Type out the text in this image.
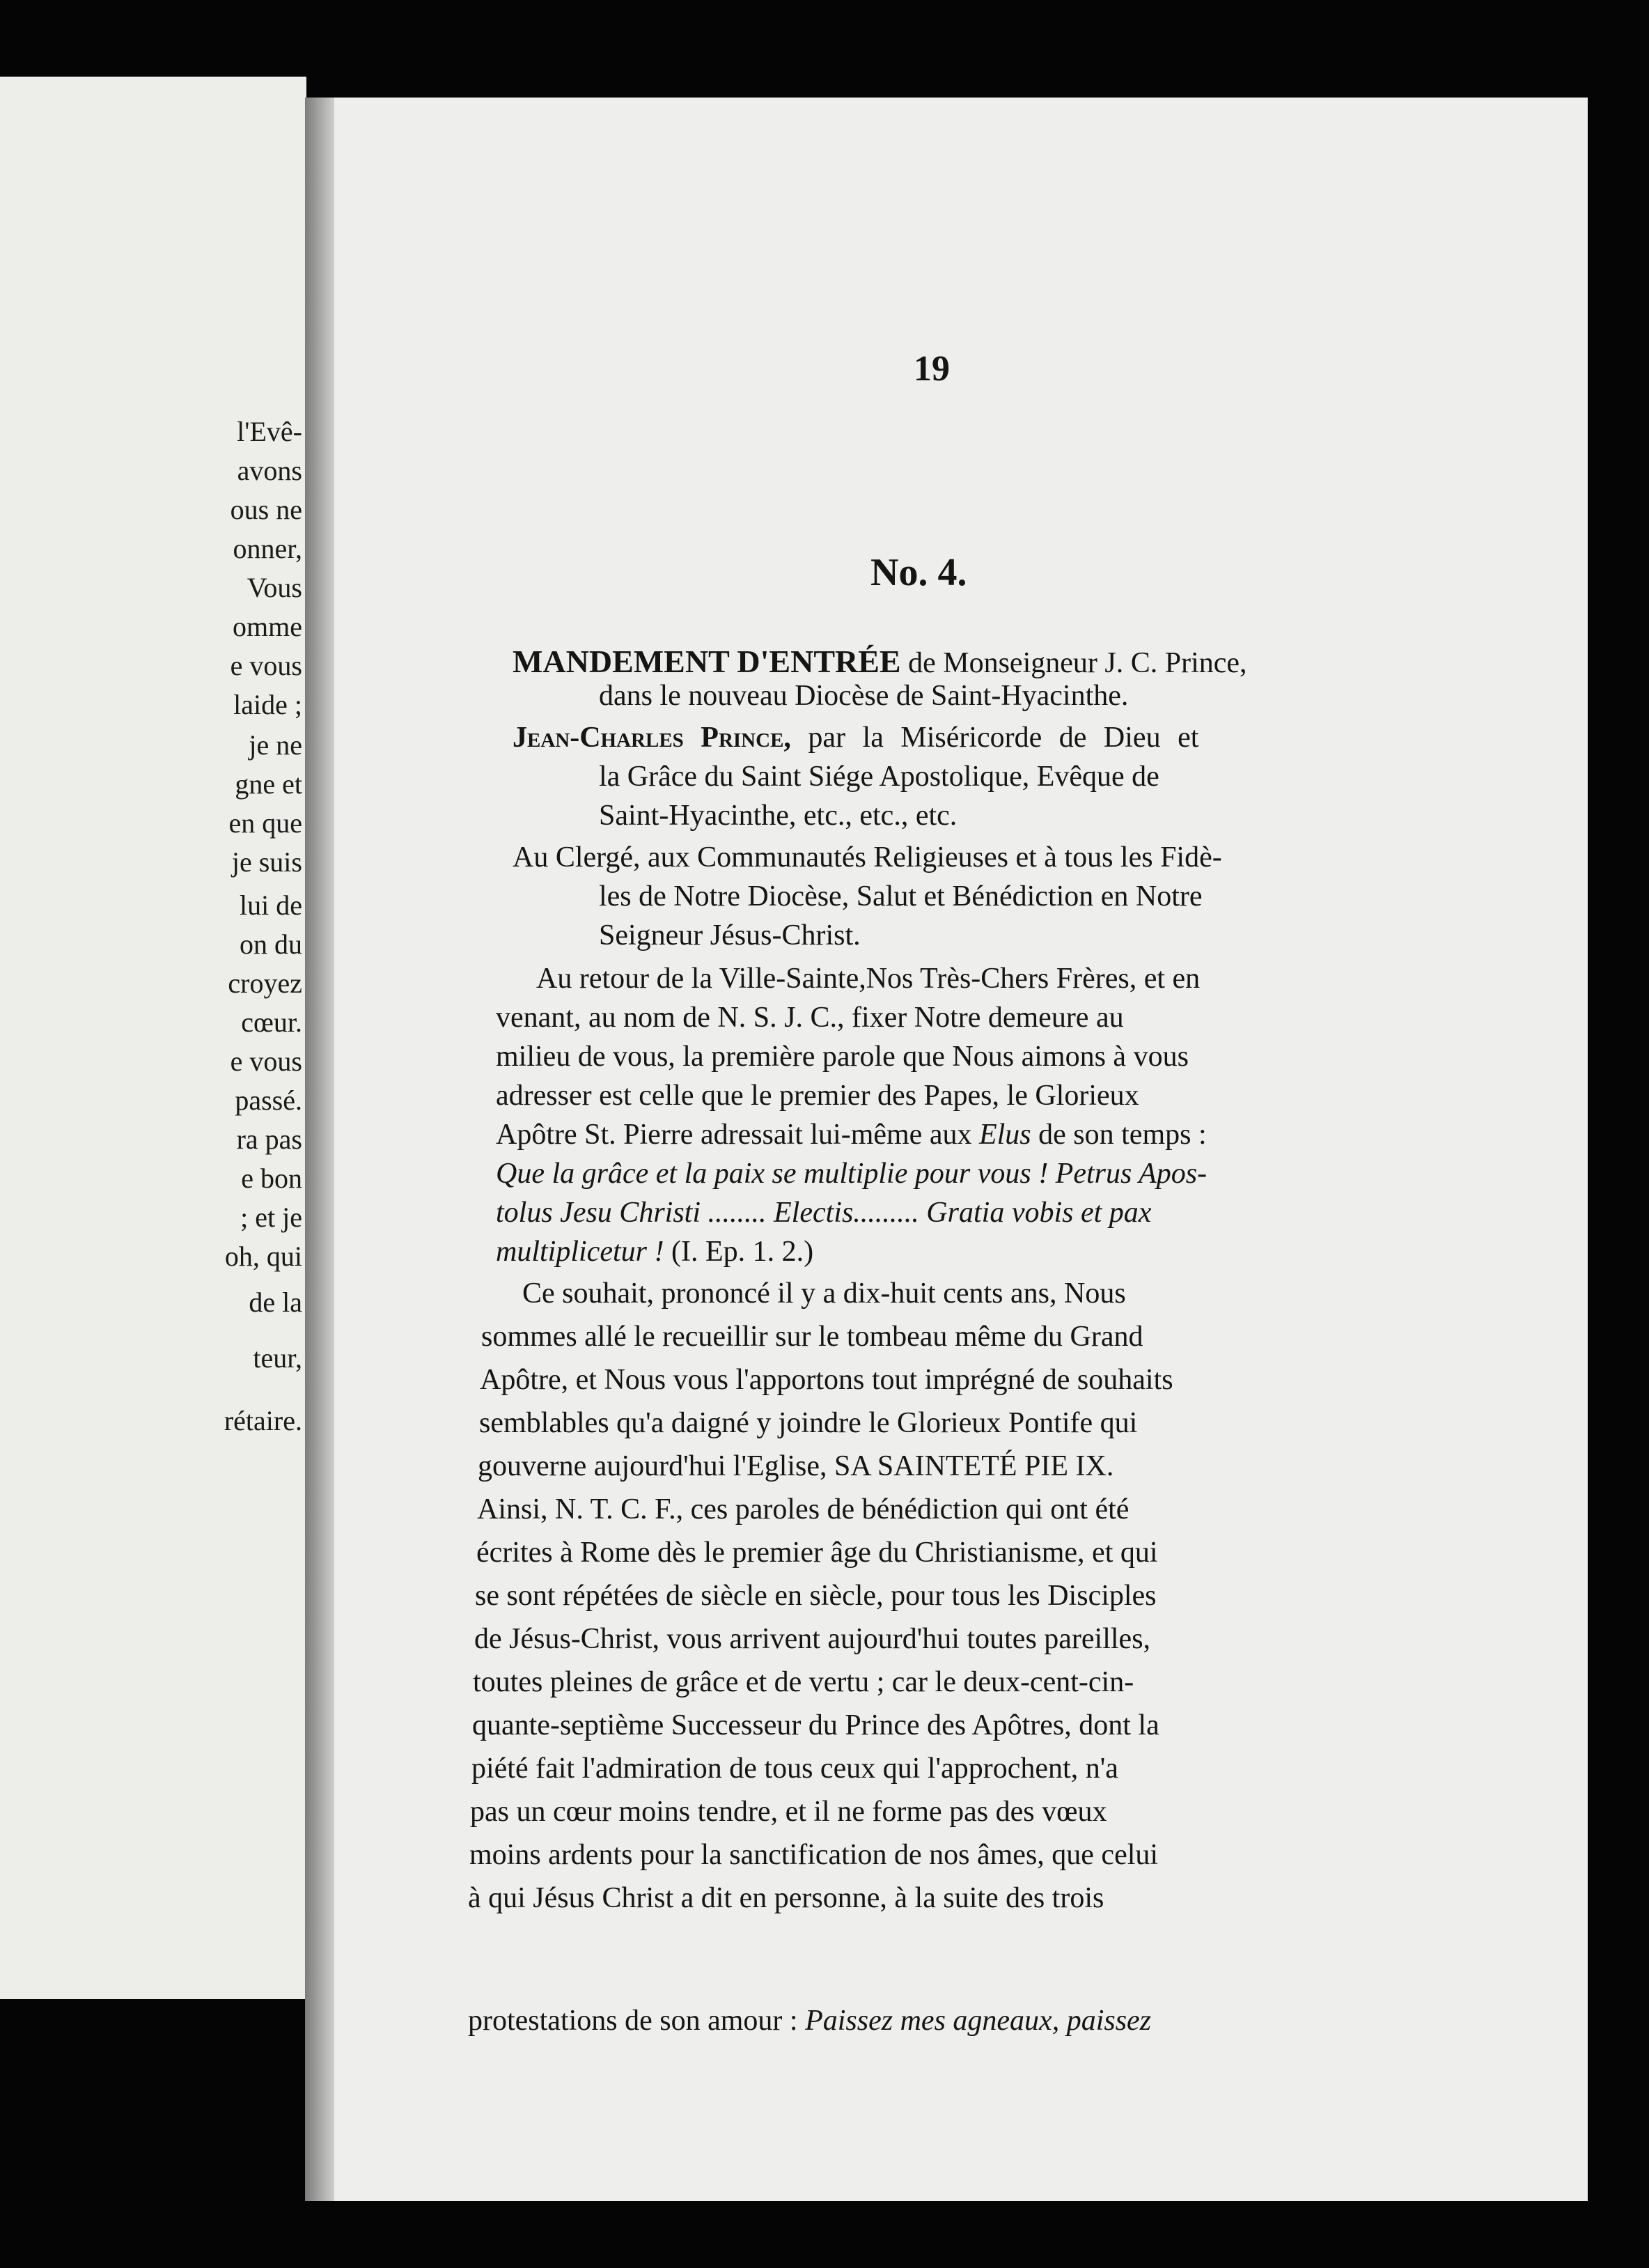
l'Evê-
avons
ous ne
onner,
Vous
omme
e vous
laide ;
je ne
gne et
en que
je suis
lui de
on du
croyez
cœur.
e vous
passé.
ra pas
e bon
; et je
oh, qui
de la
teur,
rétaire.
19
No. 4.
MANDEMENT D'ENTRÉE de Monseigneur J. C. Prince,
dans le nouveau Diocèse de Saint-Hyacinthe.
Jean-Charles Prince, par la Miséricorde de Dieu et
la Grâce du Saint Siége Apostolique, Evêque de
Saint-Hyacinthe, etc., etc., etc.
Au Clergé, aux Communautés Religieuses et à tous les Fidè-
les de Notre Diocèse, Salut et Bénédiction en Notre
Seigneur Jésus-Christ.
Au retour de la Ville-Sainte,Nos Très-Chers Frères, et en
venant, au nom de N. S. J. C., fixer Notre demeure au
milieu de vous, la première parole que Nous aimons à vous
adresser est celle que le premier des Papes, le Glorieux
Apôtre St. Pierre adressait lui-même aux Elus de son temps :
Que la grâce et la paix se multiplie pour vous ! Petrus Apos-
tolus Jesu Christi ........ Electis......... Gratia vobis et pax
multiplicetur ! (I. Ep. 1. 2.)
Ce souhait, prononcé il y a dix-huit cents ans, Nous
sommes allé le recueillir sur le tombeau même du Grand
Apôtre, et Nous vous l'apportons tout imprégné de souhaits
semblables qu'a daigné y joindre le Glorieux Pontife qui
gouverne aujourd'hui l'Eglise, SA SAINTETÉ PIE IX.
Ainsi, N. T. C. F., ces paroles de bénédiction qui ont été
écrites à Rome dès le premier âge du Christianisme, et qui
se sont répétées de siècle en siècle, pour tous les Disciples
de Jésus-Christ, vous arrivent aujourd'hui toutes pareilles,
toutes pleines de grâce et de vertu ; car le deux-cent-cin-
quante-septième Successeur du Prince des Apôtres, dont la
piété fait l'admiration de tous ceux qui l'approchent, n'a
pas un cœur moins tendre, et il ne forme pas des vœux
moins ardents pour la sanctification de nos âmes, que celui
à qui Jésus Christ a dit en personne, à la suite des trois
protestations de son amour : Paissez mes agneaux, paissez
